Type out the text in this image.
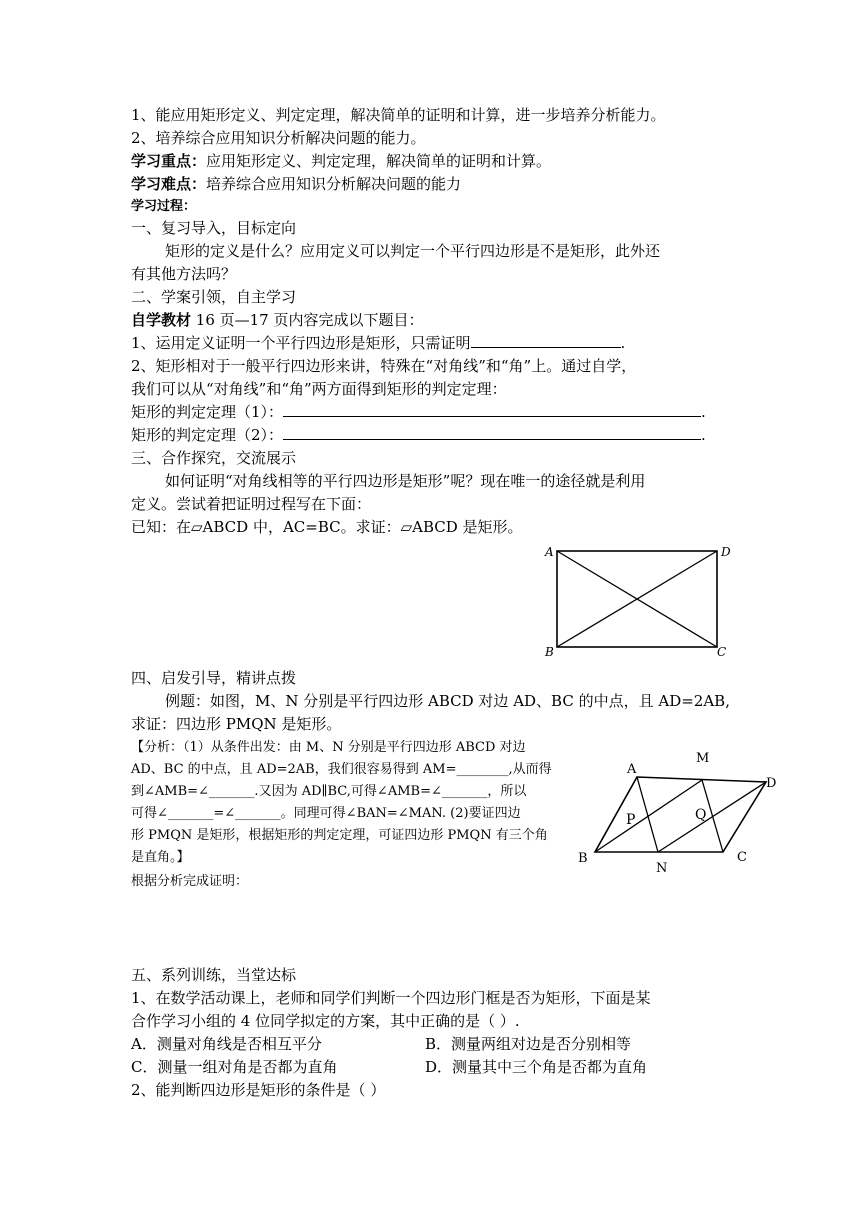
1、能应用矩形定义、判定定理，解决简单的证明和计算，进一步培养分析能力。
2、培养综合应用知识分析解决问题的能力。
学习重点：应用矩形定义、判定定理，解决简单的证明和计算。
学习难点：培养综合应用知识分析解决问题的能力
学习过程：
一、复习导入，目标定向
矩形的定义是什么？应用定义可以判定一个平行四边形是不是矩形，此外还
有其他方法吗？
二、学案引领，自主学习
自学教材 16 页—17 页内容完成以下题目：
1、运用定义证明一个平行四边形是矩形，只需证明	.
2、矩形相对于一般平行四边形来讲，特殊在“对角线”和“角”上。通过自学，
我们可以从“对角线”和“角”两方面得到矩形的判定定理：
矩形的判定定理（1）：	.
矩形的判定定理（2）：	.
三、合作探究，交流展示
如何证明“对角线相等的平行四边形是矩形”呢？现在唯一的途径就是利用
定义。尝试着把证明过程写在下面：
已知：在▱ABCD 中，AC=BC。求证：▱ABCD 是矩形。
A	D
B	C
四、启发引导，精讲点拨
例题：如图，M、N 分别是平行四边形 ABCD 对边 AD、BC 的中点，且 AD=2AB,
求证：四边形 PMQN 是矩形。
【分析：（1）从条件出发：由 M、N 分别是平行四边形 ABCD 对边
AD、BC 的中点，且 AD=2AB，我们很容易得到 AM=________,从而得
到∠AMB=∠_______.又因为 AD∥BC,可得∠AMB=∠_______，所以
可得∠_______=∠_______。同理可得∠BAN=∠MAN. (2)要证四边
形 PMQN 是矩形，根据矩形的判定定理，可证四边形 PMQN 有三个角
是直角。】
根据分析完成证明：
A
M
D
B
N
C
P	Q
五、系列训练，当堂达标
1、在数学活动课上，老师和同学们判断一个四边形门框是否为矩形，下面是某
合作学习小组的 4 位同学拟定的方案，其中正确的是（ ）.
A．测量对角线是否相互平分	B．测量两组对边是否分别相等
C．测量一组对角是否都为直角	D．测量其中三个角是否都为直角
2、能判断四边形是矩形的条件是（ ）
